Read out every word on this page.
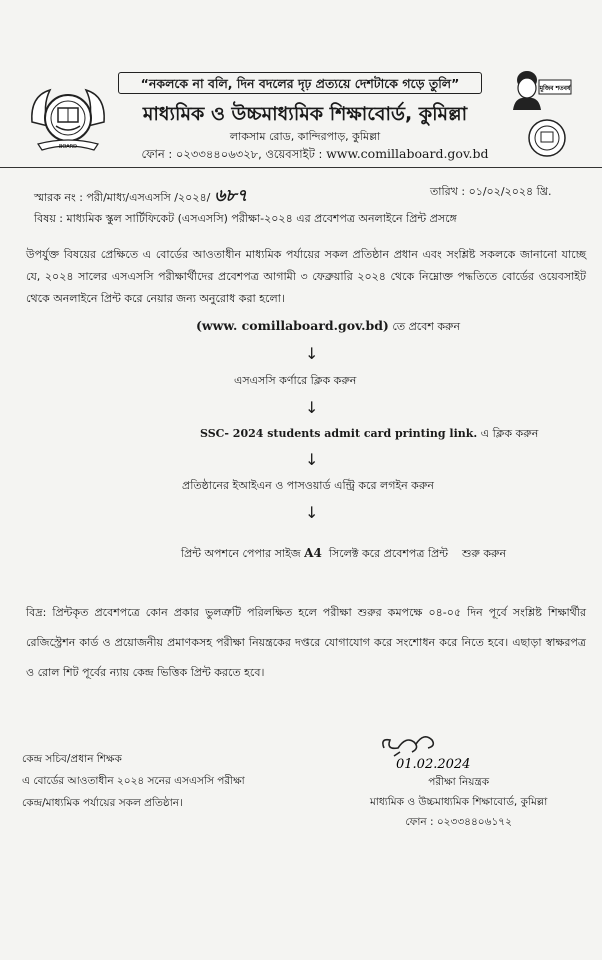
“নকলকে না বলি, দিন বদলের দৃঢ় প্রত্যয়ে দেশটাকে গড়ে তুলি”
BOARD
মাধ্যমিক ও উচ্চমাধ্যমিক শিক্ষাবোর্ড, কুমিল্লা
লাকসাম রোড, কান্দিরপাড়, কুমিল্লা
ফোন : ০২৩৩৪৪০৬৩২৮, ওয়েবসাইট : www.comillaboard.gov.bd
মুজিব শতবর্ষ
স্মারক নং : পরী/মাধ্য/এসএসসি /২০২৪/ ৬৮৭	তারিখ : ০১/০২/২০২৪ খ্রি.
বিষয় : মাধ্যমিক স্কুল সার্টিফিকেট (এসএসসি) পরীক্ষা-২০২৪ এর প্রবেশপত্র অনলাইনে প্রিন্ট প্রসঙ্গে
উপর্যুক্ত বিষয়ের প্রেক্ষিতে এ বোর্ডের আওতাধীন মাধ্যমিক পর্যায়ের সকল প্রতিষ্ঠান প্রধান এবং সংশ্লিষ্ট সকলকে জানানো যাচ্ছে যে, ২০২৪ সালের এসএসসি পরীক্ষার্থীদের প্রবেশপত্র আগামী ৩ ফেব্রুয়ারি ২০২৪ থেকে নিম্নোক্ত পদ্ধতিতে বোর্ডের ওয়েবসাইট থেকে অনলাইনে প্রিন্ট করে নেয়ার জন্য অনুরোধ করা হলো।
(www. comillaboard.gov.bd) তে প্রবেশ করুন
↓
এসএসসি কর্ণারে ক্লিক করুন
↓
SSC- 2024 students admit card printing link. এ ক্লিক করুন
↓
প্রতিষ্ঠানের ইআইএন ও পাসওয়ার্ড এন্ট্রি করে লগইন করুন
↓

প্রিন্ট অপশনে পেপার সাইজ A4  সিলেক্ট করে প্রবেশপত্র প্রিন্ট    শুরু করুন

বিদ্র: প্রিন্টকৃত প্রবেশপত্রে কোন প্রকার ভুলত্রুটি পরিলক্ষিত হলে পরীক্ষা শুরুর কমপক্ষে ০৪-০৫ দিন পূর্বে সংশ্লিষ্ট শিক্ষার্থীর রেজিস্ট্রেশন কার্ড ও প্রয়োজনীয় প্রমাণকসহ পরীক্ষা নিয়ন্ত্রকের দপ্তরে যোগাযোগ করে সংশোধন করে নিতে হবে। এছাড়া স্বাক্ষরপত্র ও রোল শিট পূর্বের ন্যায় কেন্দ্র ভিত্তিক প্রিন্ট করতে হবে।
01.02.2024
কেন্দ্র সচিব/প্রধান শিক্ষক
এ বোর্ডের আওতাধীন ২০২৪ সনের এসএসসি পরীক্ষা
কেন্দ্র/মাধ্যমিক পর্যায়ের সকল প্রতিষ্ঠান।
পরীক্ষা নিয়ন্ত্রক
মাধ্যমিক ও উচ্চমাধ্যমিক শিক্ষাবোর্ড, কুমিল্লা
ফোন : ০২৩৩৪৪০৬১৭২
